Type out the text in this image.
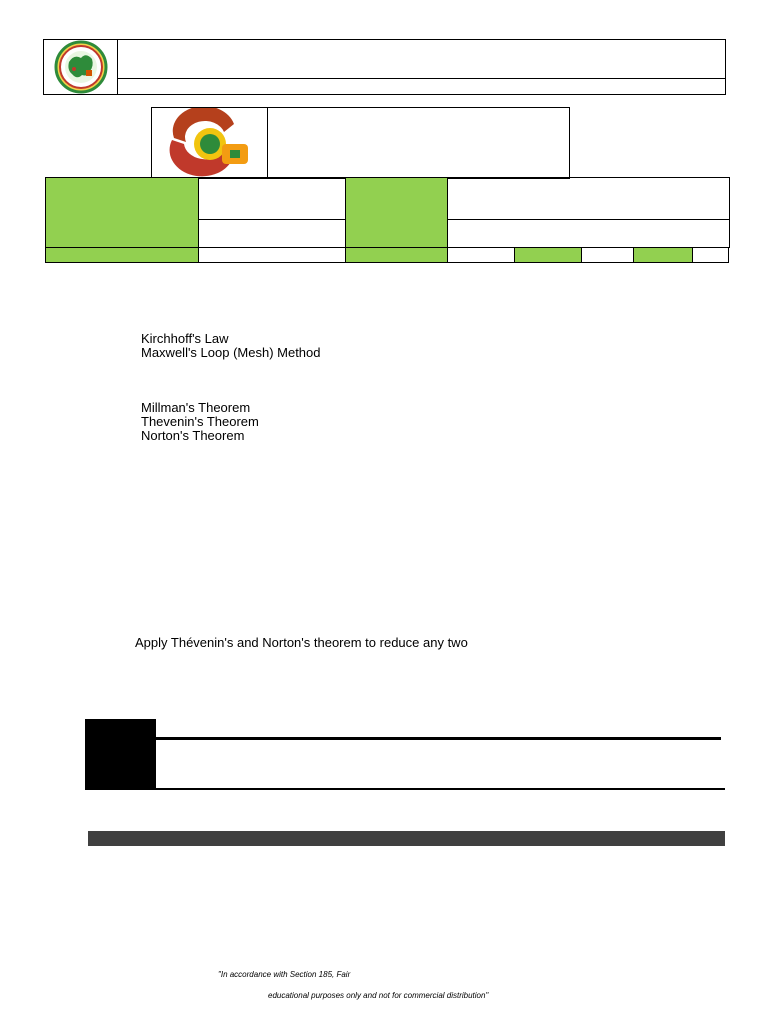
Kirchhoff's Law
Maxwell's Loop (Mesh) Method
Millman's Theorem
Thevenin's Theorem
Norton's Theorem
Apply Thévenin's and Norton's theorem to reduce any two
"In accordance with Section 185, Fair
educational purposes only and not for commercial distribution"
